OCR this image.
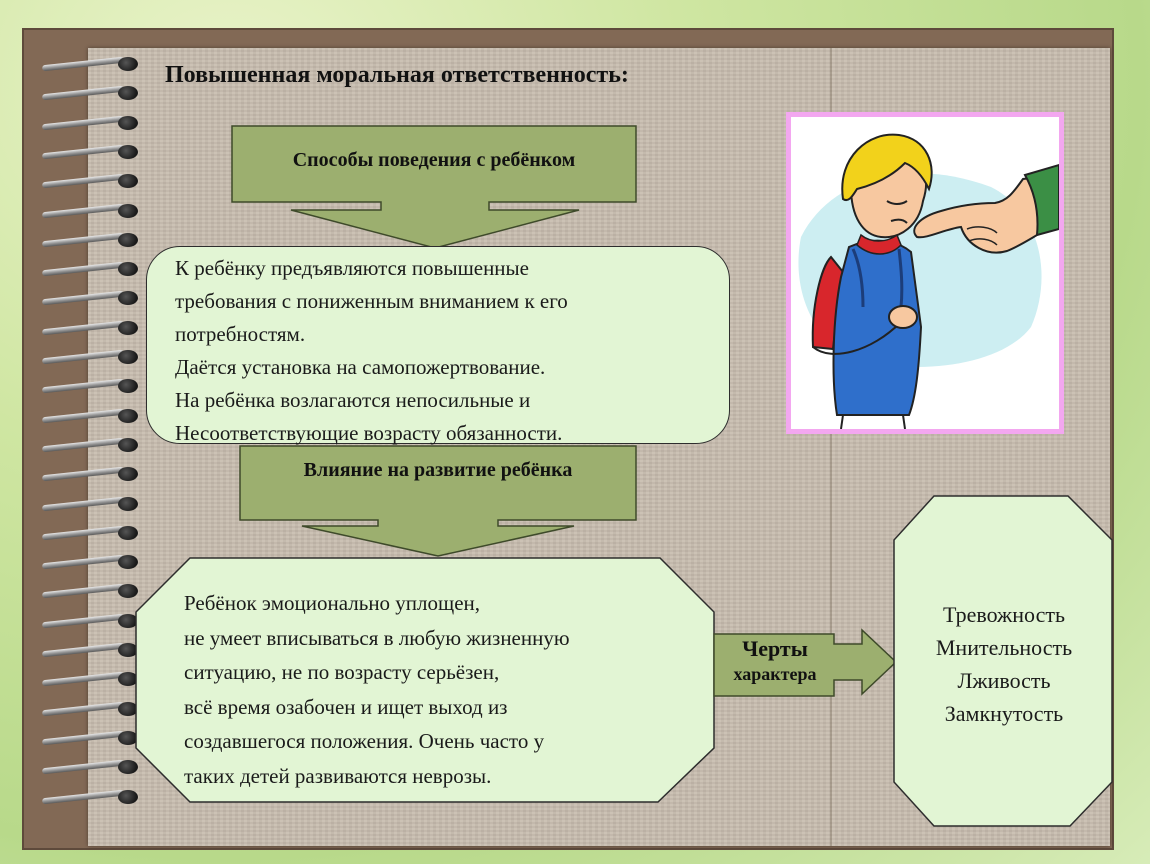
Повышенная моральная ответственность:
Способы поведения с ребёнком
К ребёнку предъявляются повышенные
требования с пониженным вниманием к его
потребностям.
Даётся установка на самопожертвование.
На ребёнка возлагаются непосильные и
Несоответствующие возрасту обязанности.
Влияние на развитие ребёнка
Ребёнок эмоционально уплощен,
не умеет вписываться в любую жизненную
ситуацию, не по возрасту серьёзен,
всё время озабочен и ищет выход из
создавшегося положения. Очень часто у
таких детей развиваются неврозы.
Черты
характера
Тревожность
Мнительность
Лживость
Замкнутость
